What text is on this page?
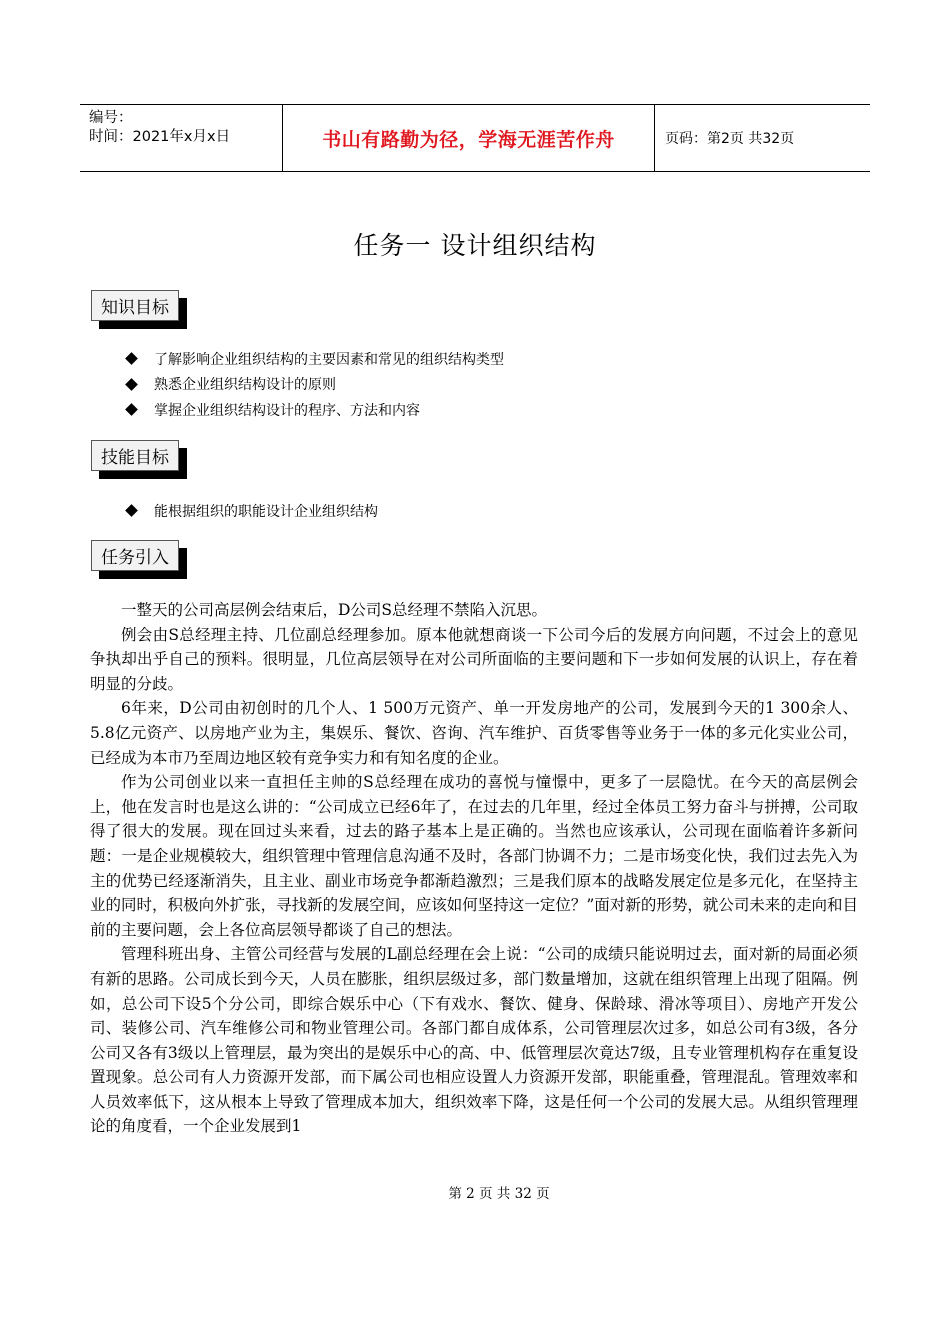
编号：
时间：2021年x月x日	书山有路勤为径，学海无涯苦作舟	页码：第2页 共32页
任务一 设计组织结构
知识目标
了解影响企业组织结构的主要因素和常见的组织结构类型
熟悉企业组织结构设计的原则
掌握企业组织结构设计的程序、方法和内容
技能目标
能根据组织的职能设计企业组织结构
任务引入

一整天的公司高层例会结束后，D公司S总经理不禁陷入沉思。

例会由S总经理主持、几位副总经理参加。原本他就想商谈一下公司今后的发展方向问题，不过会上的意见争执却出乎自己的预料。很明显，几位高层领导在对公司所面临的主要问题和下一步如何发展的认识上，存在着明显的分歧。

6年来，D公司由初创时的几个人、1 500万元资产、单一开发房地产的公司，发展到今天的1 300余人、5.8亿元资产、以房地产业为主，集娱乐、餐饮、咨询、汽车维护、百货零售等业务于一体的多元化实业公司，已经成为本市乃至周边地区较有竞争实力和有知名度的企业。

作为公司创业以来一直担任主帅的S总经理在成功的喜悦与憧憬中，更多了一层隐忧。在今天的高层例会上，他在发言时也是这么讲的：“公司成立已经6年了，在过去的几年里，经过全体员工努力奋斗与拼搏，公司取得了很大的发展。现在回过头来看，过去的路子基本上是正确的。当然也应该承认，公司现在面临着许多新问题：一是企业规模较大，组织管理中管理信息沟通不及时，各部门协调不力；二是市场变化快，我们过去先入为主的优势已经逐渐消失，且主业、副业市场竞争都渐趋激烈；三是我们原本的战略发展定位是多元化，在坚持主业的同时，积极向外扩张，寻找新的发展空间，应该如何坚持这一定位？”面对新的形势，就公司未来的走向和目前的主要问题，会上各位高层领导都谈了自己的想法。

管理科班出身、主管公司经营与发展的L副总经理在会上说：“公司的成绩只能说明过去，面对新的局面必须有新的思路。公司成长到今天，人员在膨胀，组织层级过多，部门数量增加，这就在组织管理上出现了阻隔。例如，总公司下设5个分公司，即综合娱乐中心（下有戏水、餐饮、健身、保龄球、滑冰等项目）、房地产开发公司、装修公司、汽车维修公司和物业管理公司。各部门都自成体系，公司管理层次过多，如总公司有3级，各分公司又各有3级以上管理层，最为突出的是娱乐中心的高、中、低管理层次竟达7级，且专业管理机构存在重复设置现象。总公司有人力资源开发部，而下属公司也相应设置人力资源开发部，职能重叠，管理混乱。管理效率和人员效率低下，这从根本上导致了管理成本加大，组织效率下降，这是任何一个公司的发展大忌。从组织管理理论的角度看，一个企业发展到1

第 2 页 共 32 页
